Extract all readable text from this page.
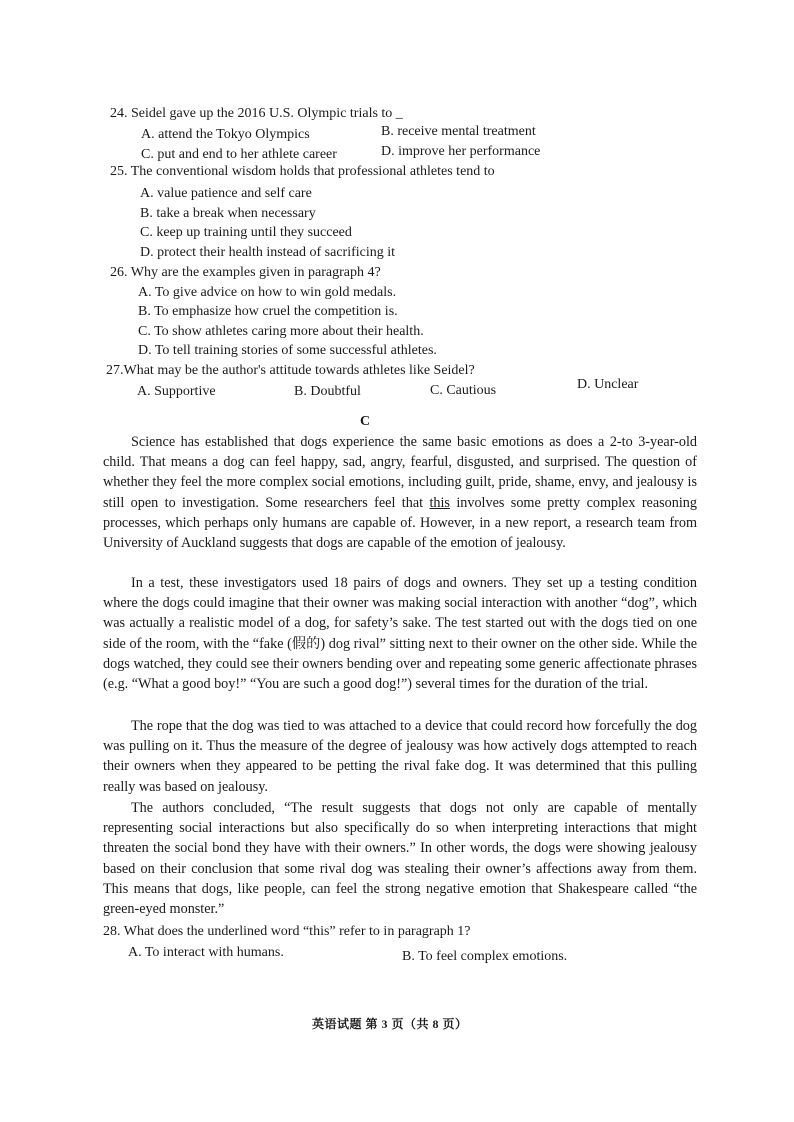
24. Seidel gave up the 2016 U.S. Olympic trials to _
A. attend the Tokyo Olympics	B. receive mental treatment
C. put and end to her athlete career	D. improve her performance
25. The conventional wisdom holds that professional athletes tend to
A. value patience and self care
B. take a break when necessary
C. keep up training until they succeed
D. protect their health instead of sacrificing it
26. Why are the examples given in paragraph 4?
A. To give advice on how to win gold medals.
B. To emphasize how cruel the competition is.
C. To show athletes caring more about their health.
D. To tell training stories of some successful athletes.
27.What may be the author's attitude towards athletes like Seidel?
A. Supportive	B. Doubtful	C. Cautious	D. Unclear
C
Science has established that dogs experience the same basic emotions as does a 2-to 3-year-old child. That means a dog can feel happy, sad, angry, fearful, disgusted, and surprised. The question of whether they feel the more complex social emotions, including guilt, pride, shame, envy, and jealousy is still open to investigation. Some researchers feel that this involves some pretty complex reasoning processes, which perhaps only humans are capable of. However, in a new report, a research team from University of Auckland suggests that dogs are capable of the emotion of jealousy.
In a test, these investigators used 18 pairs of dogs and owners. They set up a testing condition where the dogs could imagine that their owner was making social interaction with another “dog”, which was actually a realistic model of a dog, for safety’s sake. The test started out with the dogs tied on one side of the room, with the “fake (假的) dog rival” sitting next to their owner on the other side. While the dogs watched, they could see their owners bending over and repeating some generic affectionate phrases (e.g. “What a good boy!” “You are such a good dog!”) several times for the duration of the trial.
The rope that the dog was tied to was attached to a device that could record how forcefully the dog was pulling on it. Thus the measure of the degree of jealousy was how actively dogs attempted to reach their owners when they appeared to be petting the rival fake dog. It was determined that this pulling really was based on jealousy.
The authors concluded, “The result suggests that dogs not only are capable of mentally representing social interactions but also specifically do so when interpreting interactions that might threaten the social bond they have with their owners.” In other words, the dogs were showing jealousy based on their conclusion that some rival dog was stealing their owner’s affections away from them. This means that dogs, like people, can feel the strong negative emotion that Shakespeare called “the green-eyed monster.”
28. What does the underlined word “this” refer to in paragraph 1?
A. To interact with humans.	B. To feel complex emotions.
英语试题 第 3 页（共 8 页）
